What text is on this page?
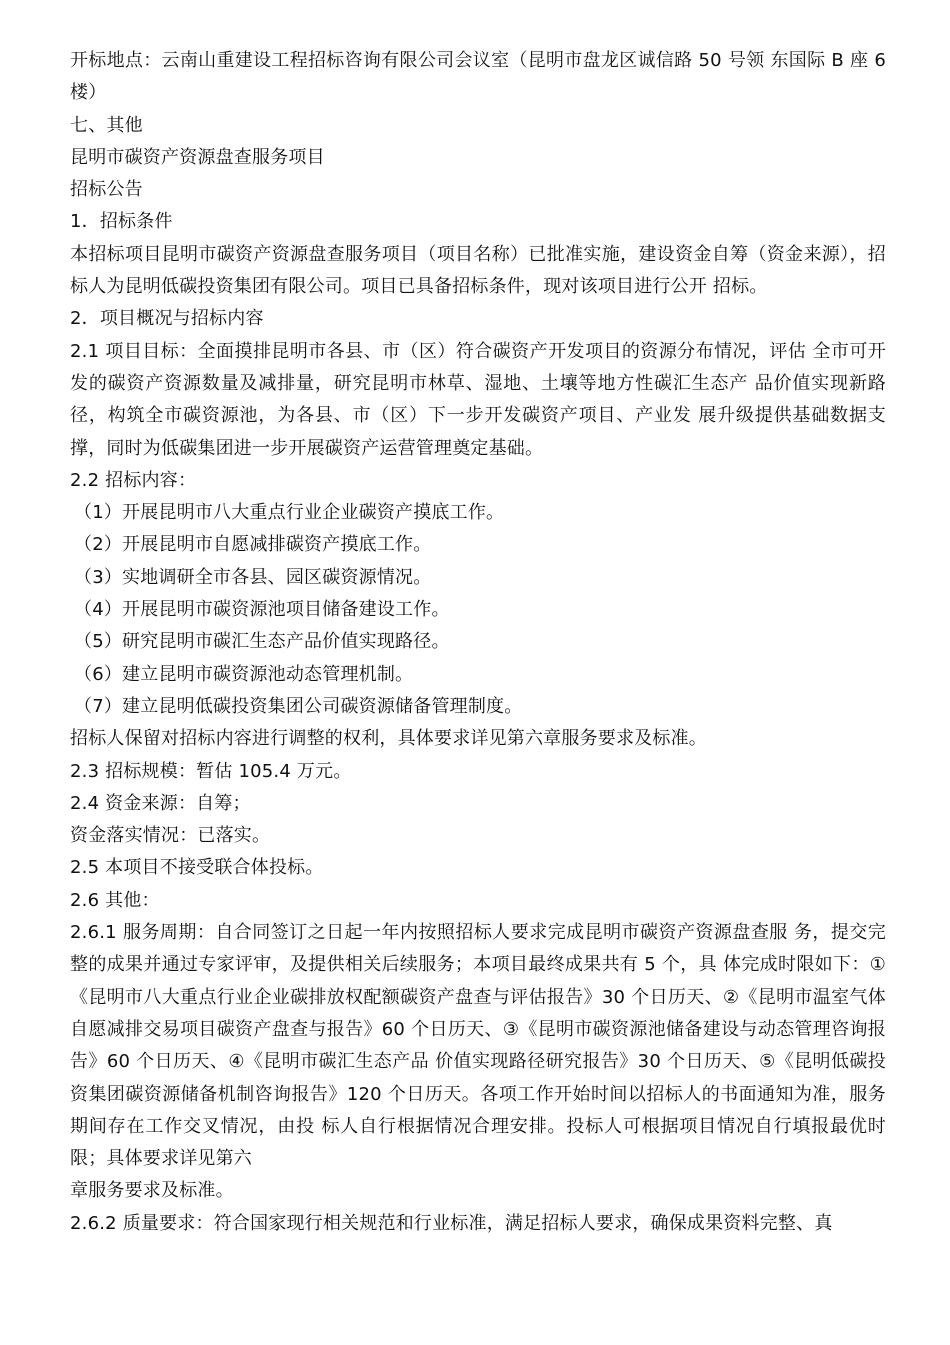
开标地点：云南山重建设工程招标咨询有限公司会议室（昆明市盘龙区诚信路 50 号领 东国际 B 座 6 楼）

七、其他

昆明市碳资产资源盘查服务项目

招标公告

1．招标条件

本招标项目昆明市碳资产资源盘查服务项目（项目名称）已批准实施，建设资金自筹（资金来源），招标人为昆明低碳投资集团有限公司。项目已具备招标条件，现对该项目进行公开 招标。

2．项目概况与招标内容

2.1 项目目标：全面摸排昆明市各县、市（区）符合碳资产开发项目的资源分布情况，评估 全市可开发的碳资产资源数量及减排量，研究昆明市林草、湿地、土壤等地方性碳汇生态产 品价值实现新路径，构筑全市碳资源池，为各县、市（区）下一步开发碳资产项目、产业发 展升级提供基础数据支撑，同时为低碳集团进一步开展碳资产运营管理奠定基础。

2.2 招标内容：

（1）开展昆明市八大重点行业企业碳资产摸底工作。

（2）开展昆明市自愿减排碳资产摸底工作。

（3）实地调研全市各县、园区碳资源情况。

（4）开展昆明市碳资源池项目储备建设工作。

（5）研究昆明市碳汇生态产品价值实现路径。

（6）建立昆明市碳资源池动态管理机制。

（7）建立昆明低碳投资集团公司碳资源储备管理制度。

招标人保留对招标内容进行调整的权利，具体要求详见第六章服务要求及标准。

2.3 招标规模：暂估 105.4 万元。

2.4 资金来源：自筹；

资金落实情况：已落实。

2.5 本项目不接受联合体投标。

2.6 其他：

2.6.1 服务周期：自合同签订之日起一年内按照招标人要求完成昆明市碳资产资源盘查服 务，提交完整的成果并通过专家评审，及提供相关后续服务；本项目最终成果共有 5 个，具 体完成时限如下：①《昆明市八大重点行业企业碳排放权配额碳资产盘查与评估报告》30 个日历天、②《昆明市温室气体自愿减排交易项目碳资产盘查与报告》60 个日历天、③《昆明市碳资源池储备建设与动态管理咨询报告》60 个日历天、④《昆明市碳汇生态产品 价值实现路径研究报告》30 个日历天、⑤《昆明低碳投资集团碳资源储备机制咨询报告》120 个日历天。各项工作开始时间以招标人的书面通知为准，服务期间存在工作交叉情况，由投 标人自行根据情况合理安排。投标人可根据项目情况自行填报最优时限；具体要求详见第六

章服务要求及标准。

2.6.2 质量要求：符合国家现行相关规范和行业标准，满足招标人要求，确保成果资料完整、真
